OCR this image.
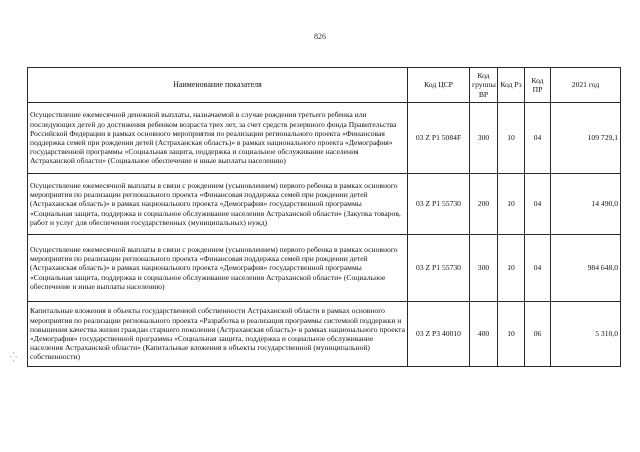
826
⁛
Наименование показателя	Код ЦСР	Код группы ВР	Код Рз	Код ПР	2021 год
Осуществление ежемесячной денежной выплаты, назначаемой в случае рождения третьего ребенка или последующих детей до достижения ребенком возраста трех лет, за счет средств резервного фонда Правительства Российской Федерации в рамках основного мероприятия по реализации регионального проекта «Финансовая поддержка семей при рождении детей (Астраханская область)» в рамках национального проекта «Демография» государственной программы «Социальная защита, поддержка и социальное обслуживание населения Астраханской области» (Социальное обеспечение и иные выплаты населению)	03 Z P1 5084F	300	10	04	109 729,1
Осуществление ежемесячной выплаты в связи с рождением (усыновлением) первого ребенка в рамках основного мероприятия по реализации регионального проекта «Финансовая поддержка семей при рождении детей (Астраханская область)» в рамках национального проекта «Демография» государственной программы «Социальная защита, поддержка и социальное обслуживание населения Астраханской области» (Закупка товаров, работ и услуг для обеспечения государственных (муниципальных) нужд)	03 Z P1 55730	200	10	04	14 490,0
Осуществление ежемесячной выплаты в связи с рождением (усыновлением) первого ребенка в рамках основного мероприятия по реализации регионального проекта «Финансовая поддержка семей при рождении детей (Астраханская область)» в рамках национального проекта «Демография» государственной программы «Социальная защита, поддержка и социальное обслуживание населения Астраханской области» (Социальное обеспечение и иные выплаты населению)	03 Z P1 55730	300	10	04	984 648,0
Капитальные вложения в объекты государственной собственности Астраханской области в рамках основного мероприятия по реализации регионального проекта «Разработка и реализация программы системной поддержки и повышения качества жизни граждан старшего поколения (Астраханская область)» в рамках национального проекта «Демография» государственной программы «Социальная защита, поддержка и социальное обслуживание населения Астраханской области» (Капитальные вложения в объекты государственной (муниципальной) собственности)	03 Z P3 40010	400	10	06	5 310,0
